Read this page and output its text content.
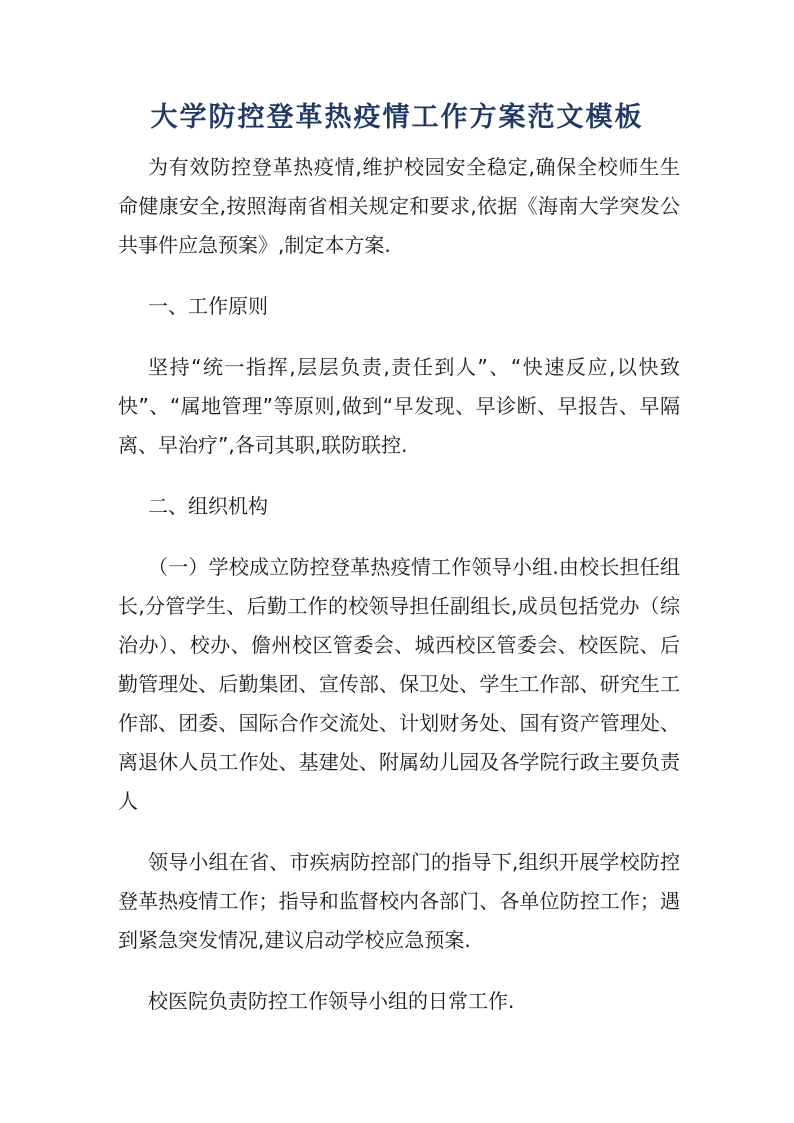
大学防控登革热疫情工作方案范文模板

为有效防控登革热疫情,维护校园安全稳定,确保全校师生生命健康安全,按照海南省相关规定和要求,依据《海南大学突发公共事件应急预案》,制定本方案.

一、工作原则

坚持“统一指挥,层层负责,责任到人”、“快速反应,以快致快”、“属地管理”等原则,做到“早发现、早诊断、早报告、早隔离、早治疗”,各司其职,联防联控.

二、组织机构

（一）学校成立防控登革热疫情工作领导小组.由校长担任组长,分管学生、后勤工作的校领导担任副组长,成员包括党办（综治办）、校办、儋州校区管委会、城西校区管委会、校医院、后勤管理处、后勤集团、宣传部、保卫处、学生工作部、研究生工作部、团委、国际合作交流处、计划财务处、国有资产管理处、离退休人员工作处、基建处、附属幼儿园及各学院行政主要负责人

领导小组在省、市疾病防控部门的指导下,组织开展学校防控登革热疫情工作；指导和监督校内各部门、各单位防控工作；遇到紧急突发情况,建议启动学校应急预案.

校医院负责防控工作领导小组的日常工作.
